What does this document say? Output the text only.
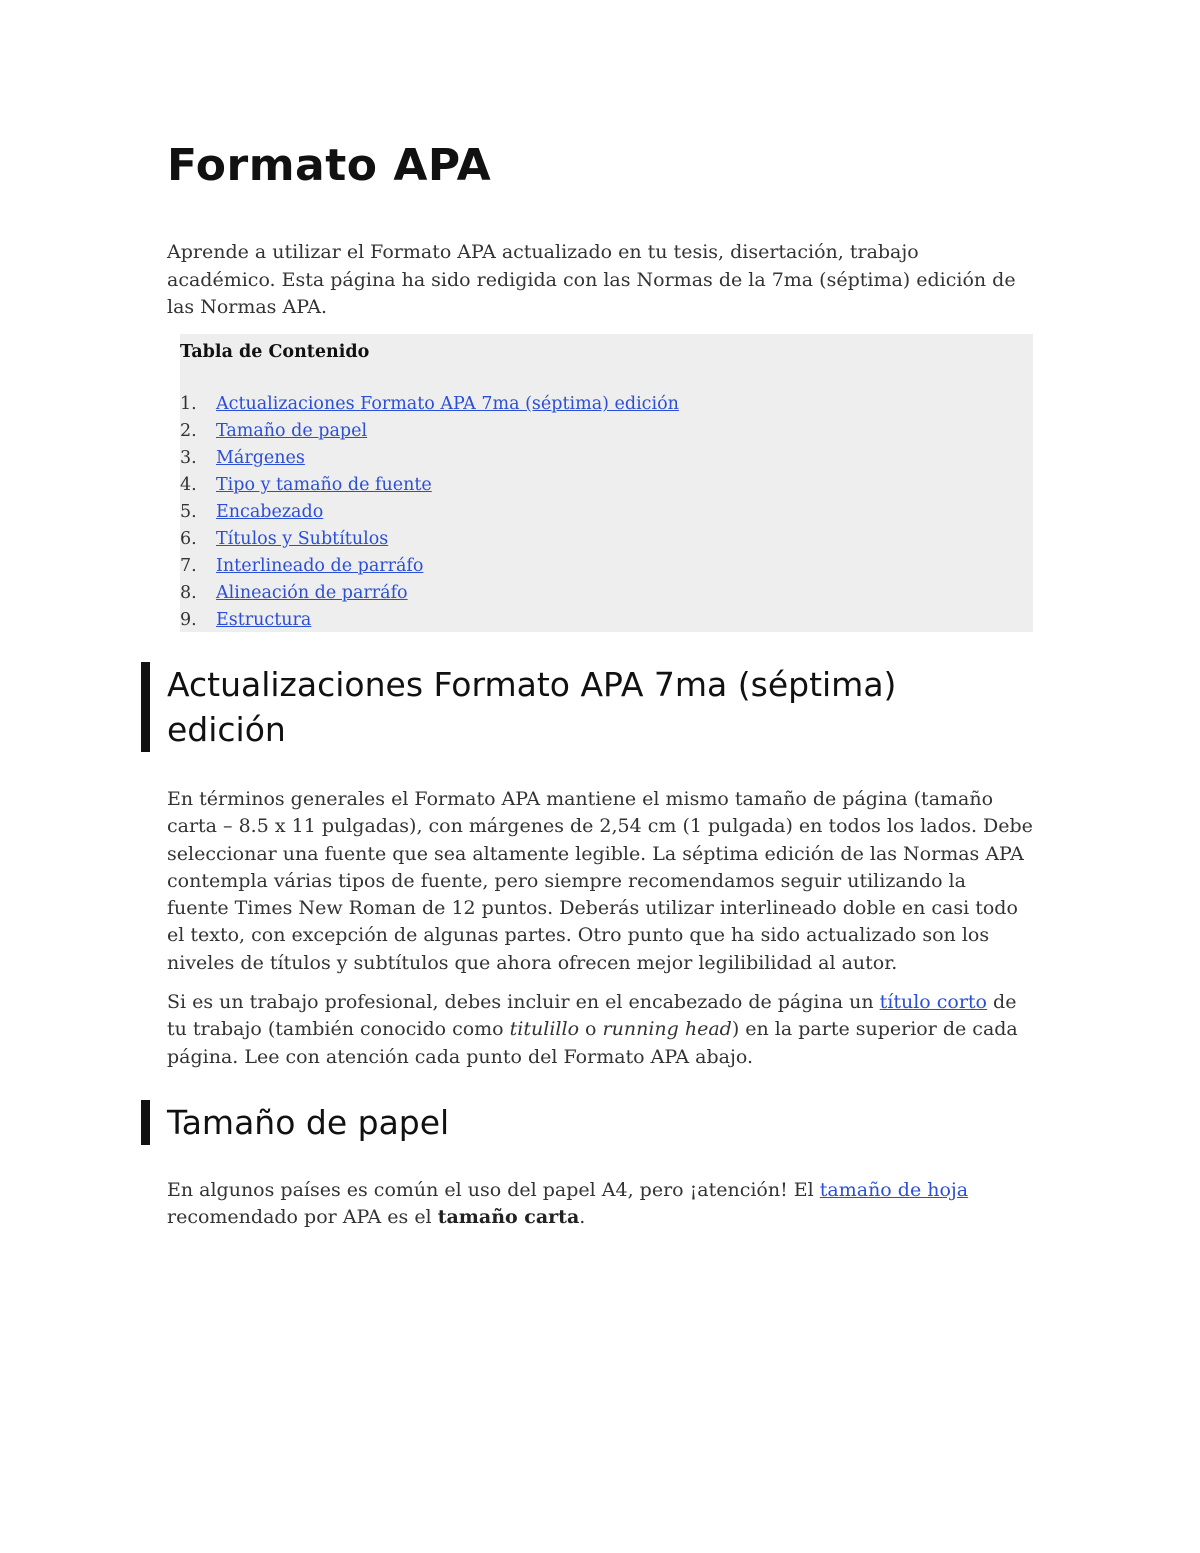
Formato APA

Aprende a utilizar el Formato APA actualizado en tu tesis, disertación, trabajo académico. Esta página ha sido redigida con las Normas de la 7ma (séptima) edición de las Normas APA.

Tabla de Contenido

1.	Actualizaciones Formato APA 7ma (séptima) edición
2.	Tamaño de papel
3.	Márgenes
4.	Tipo y tamaño de fuente
5.	Encabezado
6.	Títulos y Subtítulos
7.	Interlineado de parráfo
8.	Alineación de parráfo
9.	Estructura
Actualizaciones Formato APA 7ma (séptima) edición

En términos generales el Formato APA mantiene el mismo tamaño de página (tamaño carta – 8.5 x 11 pulgadas), con márgenes de 2,54 cm (1 pulgada) en todos los lados. Debe seleccionar una fuente que sea altamente legible. La séptima edición de las Normas APA contempla várias tipos de fuente, pero siempre recomendamos seguir utilizando la fuente Times New Roman de 12 puntos. Deberás utilizar interlineado doble en casi todo el texto, con excepción de algunas partes. Otro punto que ha sido actualizado son los niveles de títulos y subtítulos que ahora ofrecen mejor legilibilidad al autor.

Si es un trabajo profesional, debes incluir en el encabezado de página un título corto de tu trabajo (también conocido como titulillo o running head) en la parte superior de cada página. Lee con atención cada punto del Formato APA abajo.

Tamaño de papel

En algunos países es común el uso del papel A4, pero ¡atención! El tamaño de hoja recomendado por APA es el tamaño carta.
